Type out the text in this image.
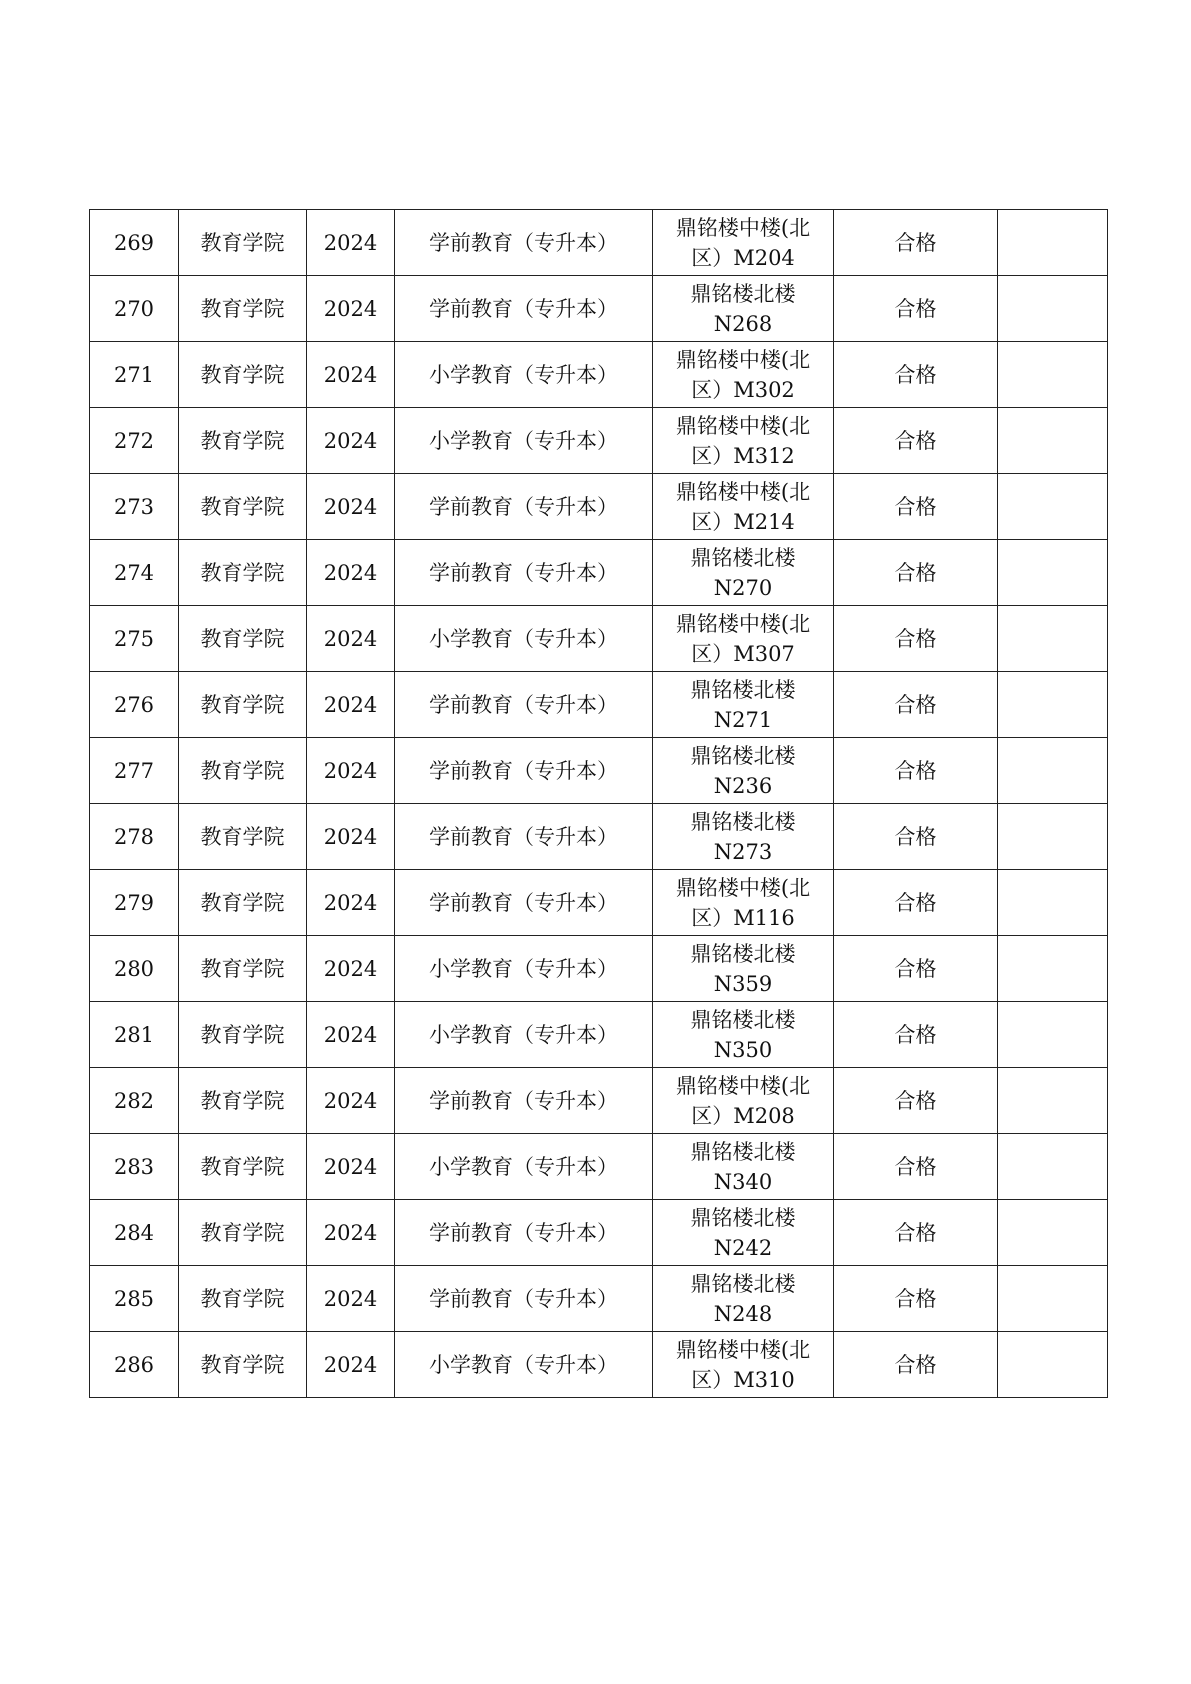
269	教育学院	2024	学前教育（专升本）	鼎铭楼中楼(北
区）M204	合格	
270	教育学院	2024	学前教育（专升本）	鼎铭楼北楼
N268	合格	
271	教育学院	2024	小学教育（专升本）	鼎铭楼中楼(北
区）M302	合格	
272	教育学院	2024	小学教育（专升本）	鼎铭楼中楼(北
区）M312	合格	
273	教育学院	2024	学前教育（专升本）	鼎铭楼中楼(北
区）M214	合格	
274	教育学院	2024	学前教育（专升本）	鼎铭楼北楼
N270	合格	
275	教育学院	2024	小学教育（专升本）	鼎铭楼中楼(北
区）M307	合格	
276	教育学院	2024	学前教育（专升本）	鼎铭楼北楼
N271	合格	
277	教育学院	2024	学前教育（专升本）	鼎铭楼北楼
N236	合格	
278	教育学院	2024	学前教育（专升本）	鼎铭楼北楼
N273	合格	
279	教育学院	2024	学前教育（专升本）	鼎铭楼中楼(北
区）M116	合格	
280	教育学院	2024	小学教育（专升本）	鼎铭楼北楼
N359	合格	
281	教育学院	2024	小学教育（专升本）	鼎铭楼北楼
N350	合格	
282	教育学院	2024	学前教育（专升本）	鼎铭楼中楼(北
区）M208	合格	
283	教育学院	2024	小学教育（专升本）	鼎铭楼北楼
N340	合格	
284	教育学院	2024	学前教育（专升本）	鼎铭楼北楼
N242	合格	
285	教育学院	2024	学前教育（专升本）	鼎铭楼北楼
N248	合格	
286	教育学院	2024	小学教育（专升本）	鼎铭楼中楼(北
区）M310	合格	
